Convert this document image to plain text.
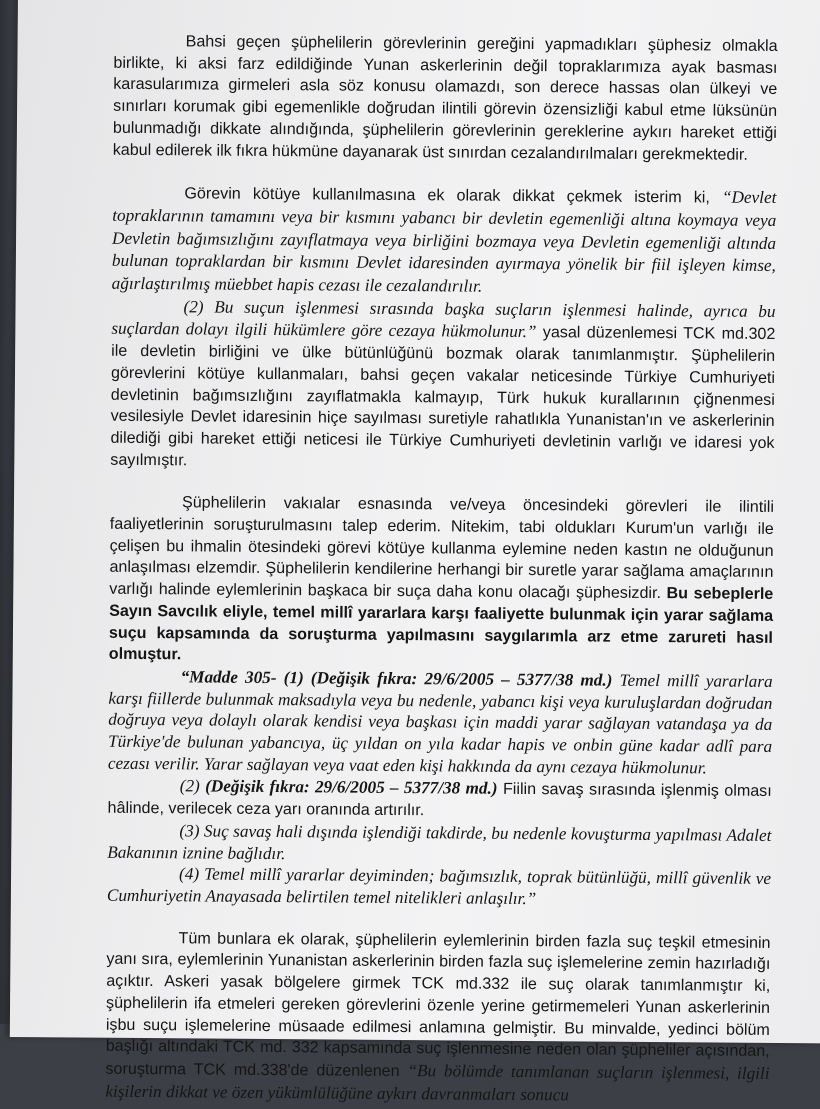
Bahsi geçen şüphelilerin görevlerinin gereğini yapmadıkları şüphesiz olmakla birlikte, ki aksi farz edildiğinde Yunan askerlerinin değil topraklarımıza ayak basması karasularımıza girmeleri asla söz konusu olamazdı, son derece hassas olan ülkeyi ve sınırları korumak gibi egemenlikle doğrudan ilintili görevin özensizliği kabul etme lüksünün bulunmadığı dikkate alındığında, şüphelilerin görevlerinin gereklerine aykırı hareket ettiği kabul edilerek ilk fıkra hükmüne dayanarak üst sınırdan cezalandırılmaları gerekmektedir.

Görevin kötüye kullanılmasına ek olarak dikkat çekmek isterim ki, “Devlet topraklarının tamamını veya bir kısmını yabancı bir devletin egemenliği altına koymaya veya Devletin bağımsızlığını zayıflatmaya veya birliğini bozmaya veya Devletin egemenliği altında bulunan topraklardan bir kısmını Devlet idaresinden ayırmaya yönelik bir fiil işleyen kimse, ağırlaştırılmış müebbet hapis cezası ile cezalandırılır.

(2) Bu suçun işlenmesi sırasında başka suçların işlenmesi halinde, ayrıca bu suçlardan dolayı ilgili hükümlere göre cezaya hükmolunur.” yasal düzenlemesi TCK md.302 ile devletin birliğini ve ülke bütünlüğünü bozmak olarak tanımlanmıştır. Şüphelilerin görevlerini kötüye kullanmaları, bahsi geçen vakalar neticesinde Türkiye Cumhuriyeti devletinin bağımsızlığını zayıflatmakla kalmayıp, Türk hukuk kurallarının çiğnenmesi vesilesiyle Devlet idaresinin hiçe sayılması suretiyle rahatlıkla Yunanistan'ın ve askerlerinin dilediği gibi hareket ettiği neticesi ile Türkiye Cumhuriyeti devletinin varlığı ve idaresi yok sayılmıştır.

Şüphelilerin vakıalar esnasında ve/veya öncesindeki görevleri ile ilintili faaliyetlerinin soruşturulmasını talep ederim. Nitekim, tabi oldukları Kurum'un varlığı ile çelişen bu ihmalin ötesindeki görevi kötüye kullanma eylemine neden kastın ne olduğunun anlaşılması elzemdir. Şüphelilerin kendilerine herhangi bir suretle yarar sağlama amaçlarının varlığı halinde eylemlerinin başkaca bir suça daha konu olacağı şüphesizdir. Bu sebeplerle Sayın Savcılık eliyle, temel millî yararlara karşı faaliyette bulunmak için yarar sağlama suçu kapsamında da soruşturma yapılmasını saygılarımla arz etme zarureti hasıl olmuştur.

“Madde 305- (1) (Değişik fıkra: 29/6/2005 – 5377/38 md.) Temel millî yararlara karşı fiillerde bulunmak maksadıyla veya bu nedenle, yabancı kişi veya kuruluşlardan doğrudan doğruya veya dolaylı olarak kendisi veya başkası için maddi yarar sağlayan vatandaşa ya da Türkiye'de bulunan yabancıya, üç yıldan on yıla kadar hapis ve onbin güne kadar adlî para cezası verilir. Yarar sağlayan veya vaat eden kişi hakkında da aynı cezaya hükmolunur.

(2) (Değişik fıkra: 29/6/2005 – 5377/38 md.) Fiilin savaş sırasında işlenmiş olması hâlinde, verilecek ceza yarı oranında artırılır.

(3) Suç savaş hali dışında işlendiği takdirde, bu nedenle kovuşturma yapılması Adalet Bakanının iznine bağlıdır.

(4) Temel millî yararlar deyiminden; bağımsızlık, toprak bütünlüğü, millî güvenlik ve Cumhuriyetin Anayasada belirtilen temel nitelikleri anlaşılır.”

Tüm bunlara ek olarak, şüphelilerin eylemlerinin birden fazla suç teşkil etmesinin yanı sıra, eylemlerinin Yunanistan askerlerinin birden fazla suç işlemelerine zemin hazırladığı açıktır. Askeri yasak bölgelere girmek TCK md.332 ile suç olarak tanımlanmıştır ki, şüphelilerin ifa etmeleri gereken görevlerini özenle yerine getirmemeleri Yunan askerlerinin işbu suçu işlemelerine müsaade edilmesi anlamına gelmiştir. Bu minvalde, yedinci bölüm başlığı altındaki TCK md. 332 kapsamında suç işlenmesine neden olan şüpheliler açısından, soruşturma TCK md.338'de düzenlenen “Bu bölümde tanımlanan suçların işlenmesi, ilgili kişilerin dikkat ve özen yükümlülüğüne aykırı davranmaları sonucu
